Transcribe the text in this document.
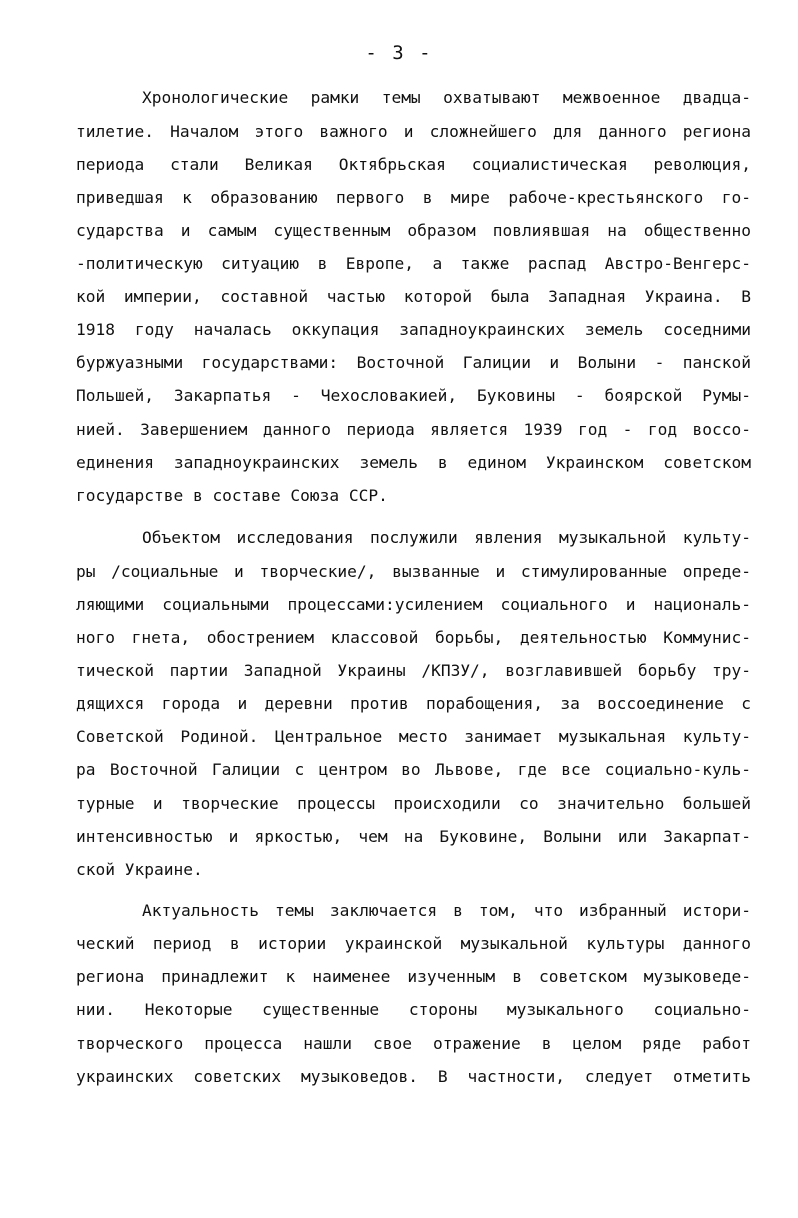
- 3 -
Хронологические рамки темы охватывают межвоенное двадца-
тилетие. Началом этого важного и сложнейшего для данного региона
периода стали Великая Октябрьская социалистическая революция,
приведшая к образованию первого в мире рабоче-крестьянского го-
сударства и самым существенным образом повлиявшая на общественно
-политическую ситуацию в Европе, а также распад Австро-Венгерс-
кой империи, составной частью которой была Западная Украина. В
1918 году началась оккупация западноукраинских земель соседними
буржуазными государствами: Восточной Галиции и Волыни - панской
Польшей, Закарпатья - Чехословакией, Буковины - боярской Румы-
нией. Завершением данного периода является 1939 год - год воссо-
единения западноукраинских земель в едином Украинском советском
государстве в составе Союза ССР.
Объектом исследования послужили явления музыкальной культу-
ры /социальные и творческие/, вызванные и стимулированные опреде-
ляющими социальными процессами:усилением социального и националь-
ного гнета, обострением классовой борьбы, деятельностью Коммунис-
тической партии Западной Украины /КПЗУ/, возглавившей борьбу тру-
дящихся города и деревни против порабощения, за воссоединение с
Советской Родиной. Центральное место занимает музыкальная культу-
ра Восточной Галиции с центром во Львове, где все социально-куль-
турные и творческие процессы происходили со значительно большей
интенсивностью и яркостью, чем на Буковине, Волыни или Закарпат-
ской Украине.
Актуальность темы заключается в том, что избранный истори-
ческий период в истории украинской музыкальной культуры данного
региона принадлежит к наименее изученным в советском музыковеде-
нии. Некоторые существенные стороны музыкального социально-
творческого процесса нашли свое отражение в целом ряде работ
украинских советских музыковедов. В частности, следует отметить
